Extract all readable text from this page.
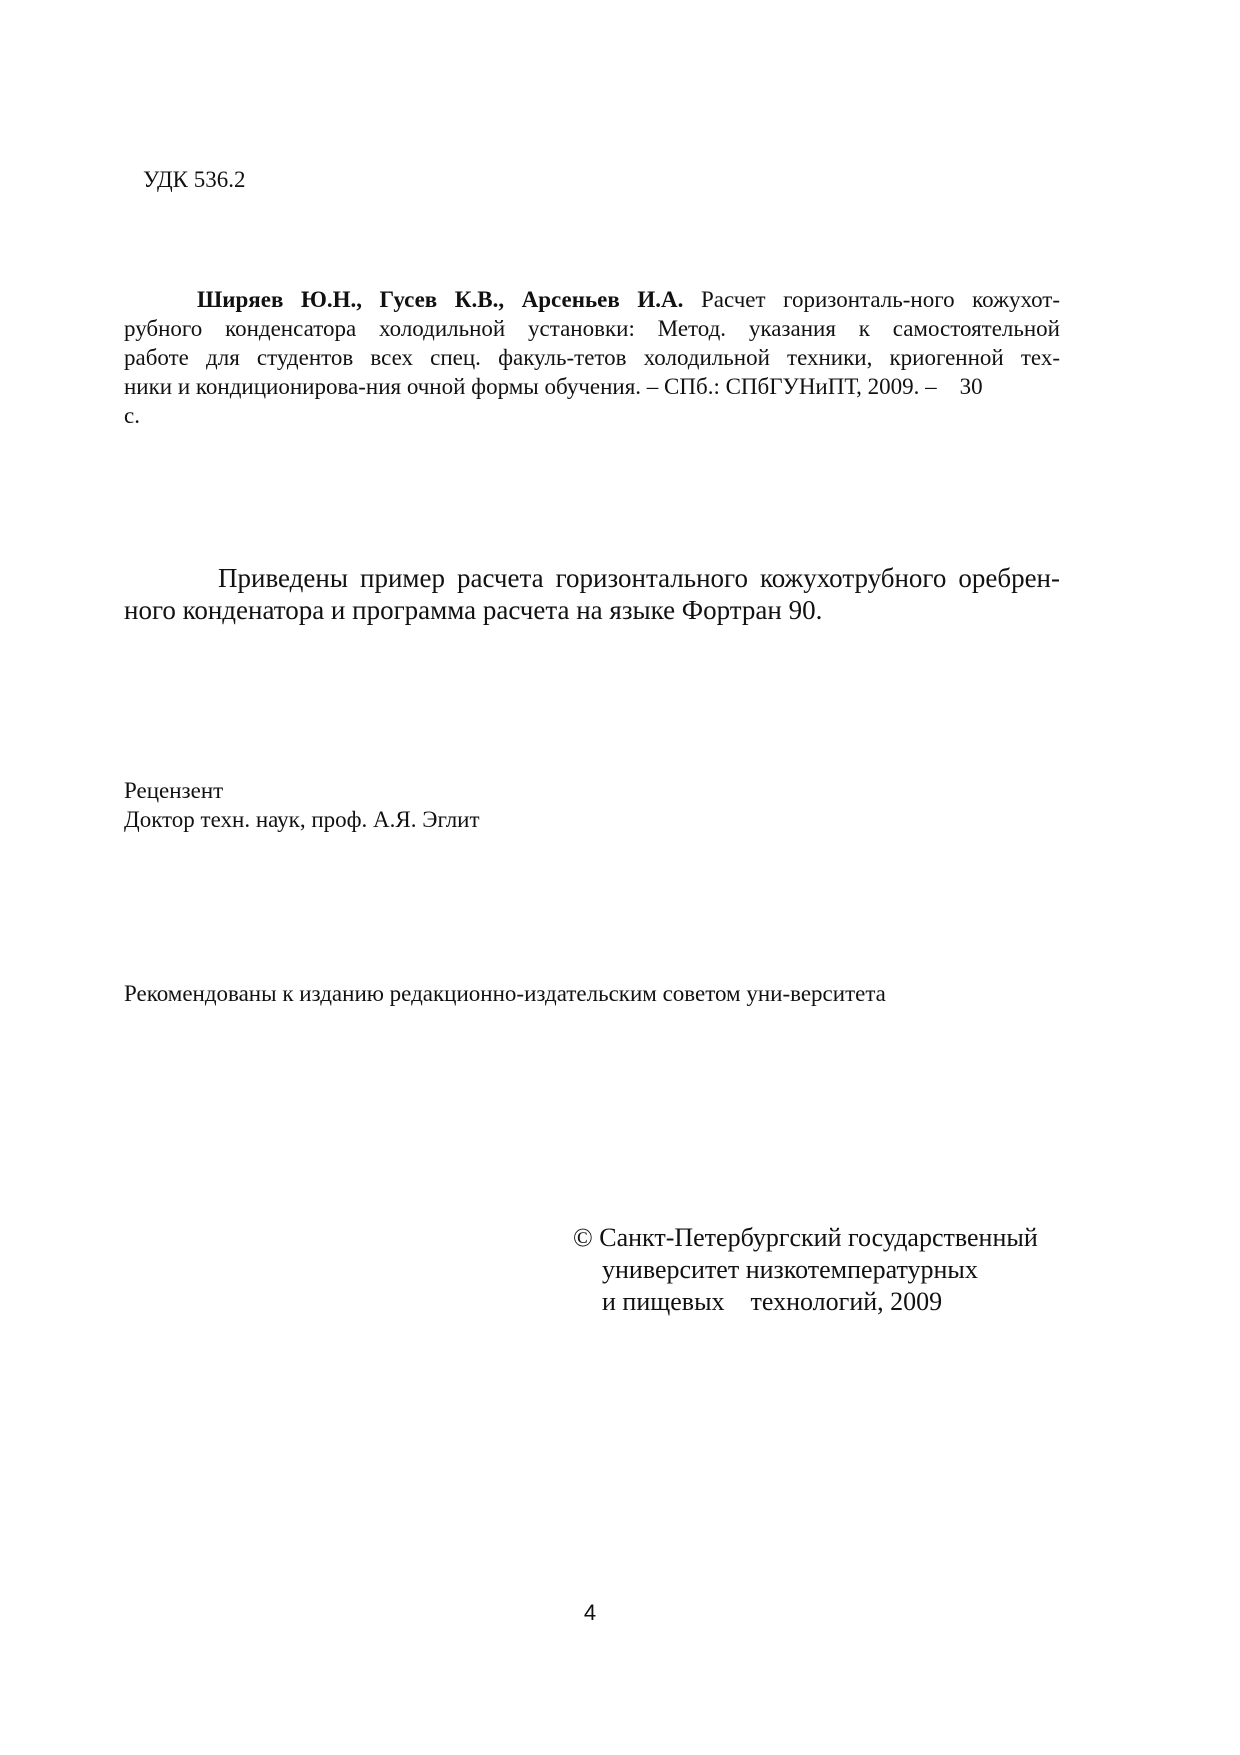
УДК 536.2
Ширяев Ю.Н., Гусев К.В., Арсеньев И.А. Расчет горизонталь-ного кожухот-
рубного конденсатора холодильной установки: Метод. указания к самостоятельной
работе для студентов всех спец. факуль-тетов холодильной техники, криогенной тех-
ники и кондиционирова-ния очной формы обучения. – СПб.: СПбГУНиПТ, 2009. –    30
с.
Приведены пример расчета горизонтального кожухотрубного оребрен-
ного конденатора и программа расчета на языке Фортран 90.
Рецензент
Доктор техн. наук, проф. А.Я. Эглит
Рекомендованы к изданию редакционно-издательским советом уни-верситета
© Санкт-Петербургский государственный
университет низкотемпературных
и пищевых    технологий, 2009
4
